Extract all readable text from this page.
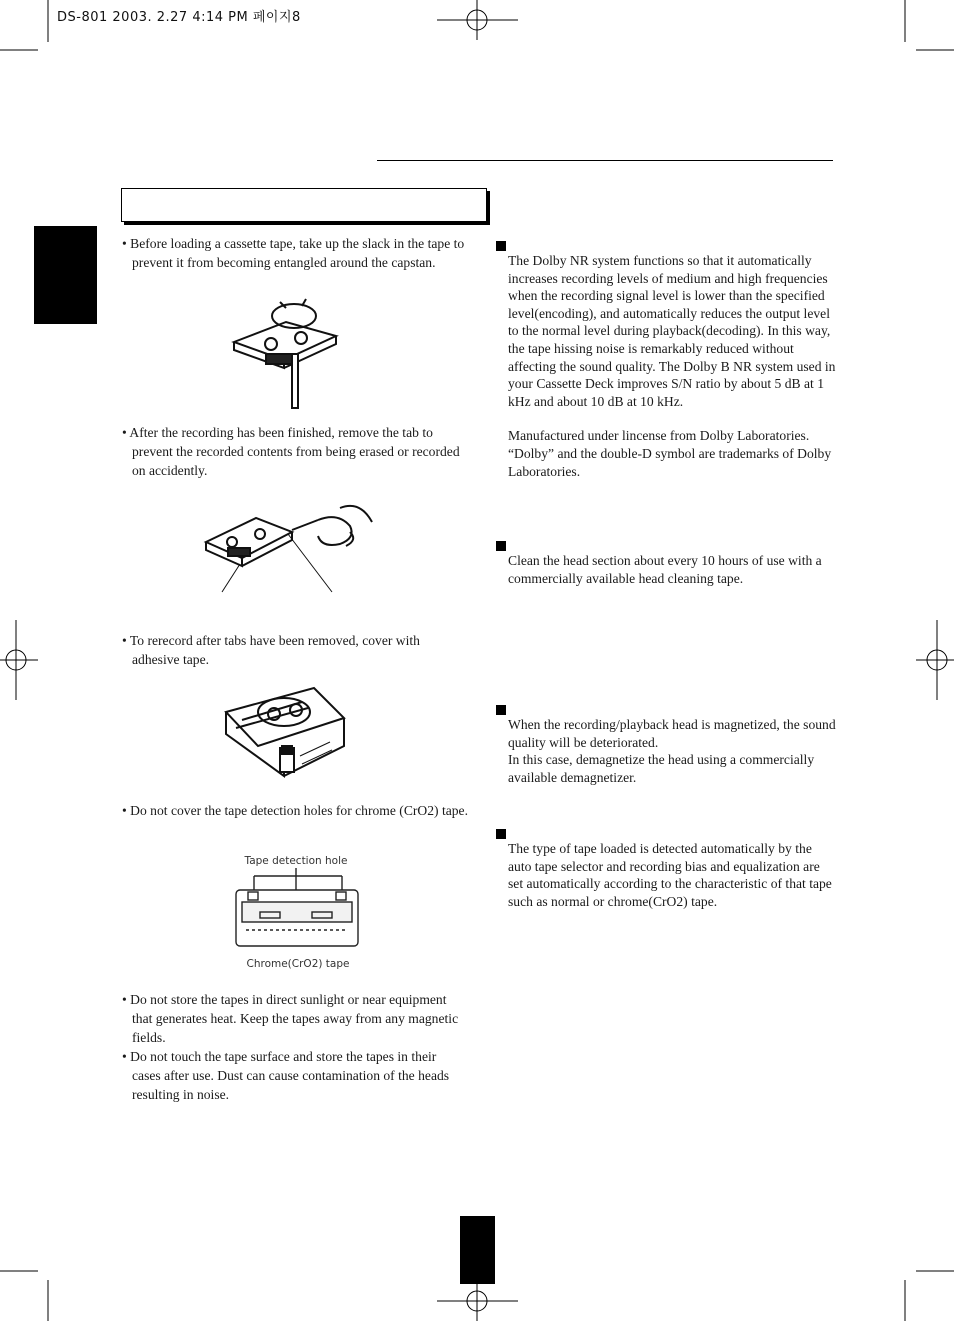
DS-801 2003. 2.27 4:14 PM 페이지8

• Before loading a cassette tape, take up the slack in the tape to prevent it from becoming entangled around the capstan.

• After the recording has been finished, remove the tab to prevent the recorded contents from being erased or recorded on accidently.

• To rerecord after tabs have been removed, cover with adhesive tape.

• Do not cover the tape detection holes for chrome (CrO2) tape.

Tape detection hole
Chrome(CrO2) tape

• Do not store the tapes in direct sunlight or near equipment that generates heat. Keep the tapes away from any magnetic fields.

• Do not touch the tape surface and store the tapes in their cases after use. Dust can cause contamination of the heads resulting in noise.

The Dolby NR system functions so that it automatically increases recording levels of medium and high frequencies when the recording signal level is lower than the specified level(encoding), and automatically reduces the output level to the normal level during playback(decoding). In this way, the tape hissing noise is remarkably reduced without affecting the sound quality. The Dolby B NR system used in your Cassette Deck improves S/N ratio by about 5 dB at 1 kHz and about 10 dB at 10 kHz.

Manufactured under lincense from Dolby Laboratories. “Dolby” and the double-D symbol are trademarks of Dolby Laboratories.

Clean the head section about every 10 hours of use with a commercially available head cleaning tape.

When the recording/playback head is magnetized, the sound quality will be deteriorated.

In this case, demagnetize the head using a commercially available demagnetizer.

The type of tape loaded is detected automatically by the auto tape selector and recording bias and equalization are set automatically according to the characteristic of that tape such as normal or chrome(CrO2) tape.
